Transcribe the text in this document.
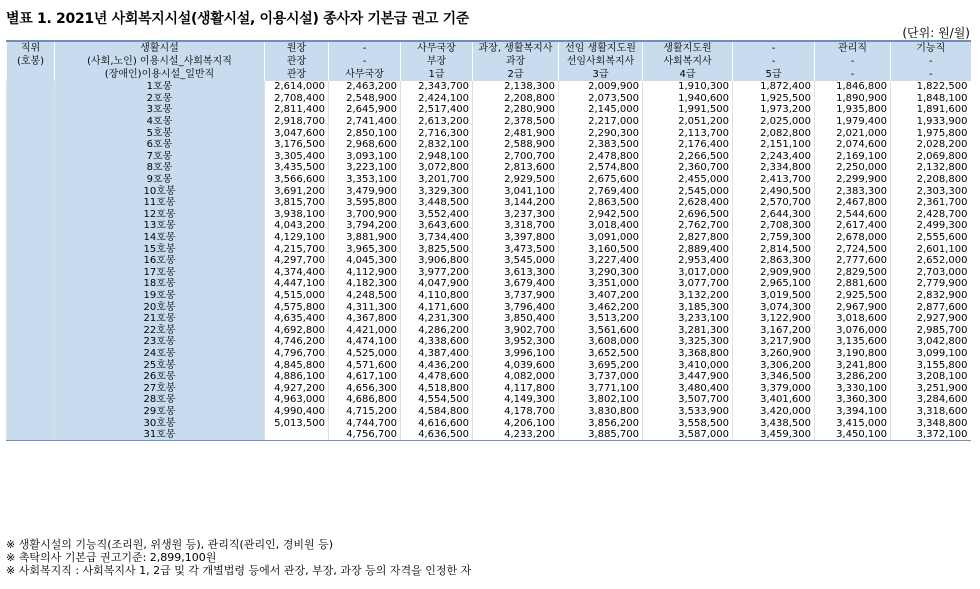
별표 1. 2021년 사회복지시설(생활시설, 이용시설) 종사자 기본급 권고 기준
(단위: 원/월)
직위	생활시설	원장	-	사무국장	과장, 생활복지사	선임 생활지도원	생활지도원	-	관리직	기능직
(호봉)	(사회,노인) 이용시설_사회복지직	관장	-	부장	과장	선임사회복지사	사회복지사	-	-	-
	(장애인)이용시설_일반직	관장	사무국장	1급	2급	3급	4급	5급	-	-
	1호봉	2,614,000	2,463,200	2,343,700	2,138,300	2,009,900	1,910,300	1,872,400	1,846,800	1,822,500
	2호봉	2,708,400	2,548,900	2,424,100	2,208,800	2,073,500	1,940,600	1,925,500	1,890,900	1,848,100
	3호봉	2,811,400	2,645,900	2,517,400	2,280,900	2,145,000	1,991,500	1,973,200	1,935,800	1,891,600
	4호봉	2,918,700	2,741,400	2,613,200	2,378,500	2,217,000	2,051,200	2,025,000	1,979,400	1,933,900
	5호봉	3,047,600	2,850,100	2,716,300	2,481,900	2,290,300	2,113,700	2,082,800	2,021,000	1,975,800
	6호봉	3,176,500	2,968,600	2,832,100	2,588,900	2,383,500	2,176,400	2,151,100	2,074,600	2,028,200
	7호봉	3,305,400	3,093,100	2,948,100	2,700,700	2,478,800	2,266,500	2,243,400	2,169,100	2,069,800
	8호봉	3,435,500	3,223,100	3,072,800	2,813,600	2,574,800	2,360,700	2,334,800	2,250,000	2,132,800
	9호봉	3,566,600	3,353,100	3,201,700	2,929,500	2,675,600	2,455,000	2,413,700	2,299,900	2,208,800
	10호봉	3,691,200	3,479,900	3,329,300	3,041,100	2,769,400	2,545,000	2,490,500	2,383,300	2,303,300
	11호봉	3,815,700	3,595,800	3,448,500	3,144,200	2,863,500	2,628,400	2,570,700	2,467,800	2,361,700
	12호봉	3,938,100	3,700,900	3,552,400	3,237,300	2,942,500	2,696,500	2,644,300	2,544,600	2,428,700
	13호봉	4,043,200	3,794,200	3,643,600	3,318,700	3,018,400	2,762,700	2,708,300	2,617,400	2,499,300
	14호봉	4,129,100	3,881,900	3,734,400	3,397,800	3,091,000	2,827,800	2,759,300	2,678,000	2,555,600
	15호봉	4,215,700	3,965,300	3,825,500	3,473,500	3,160,500	2,889,400	2,814,500	2,724,500	2,601,100
	16호봉	4,297,700	4,045,300	3,906,800	3,545,000	3,227,400	2,953,400	2,863,300	2,777,600	2,652,000
	17호봉	4,374,400	4,112,900	3,977,200	3,613,300	3,290,300	3,017,000	2,909,900	2,829,500	2,703,000
	18호봉	4,447,100	4,182,300	4,047,900	3,679,400	3,351,000	3,077,700	2,965,100	2,881,600	2,779,900
	19호봉	4,515,000	4,248,500	4,110,800	3,737,900	3,407,200	3,132,200	3,019,500	2,925,500	2,832,900
	20호봉	4,575,800	4,311,300	4,171,600	3,796,400	3,462,200	3,185,300	3,074,300	2,967,900	2,877,600
	21호봉	4,635,400	4,367,800	4,231,300	3,850,400	3,513,200	3,233,100	3,122,900	3,018,600	2,927,900
	22호봉	4,692,800	4,421,000	4,286,200	3,902,700	3,561,600	3,281,300	3,167,200	3,076,000	2,985,700
	23호봉	4,746,200	4,474,100	4,338,600	3,952,300	3,608,000	3,325,300	3,217,900	3,135,600	3,042,800
	24호봉	4,796,700	4,525,000	4,387,400	3,996,100	3,652,500	3,368,800	3,260,900	3,190,800	3,099,100
	25호봉	4,845,800	4,571,600	4,436,200	4,039,600	3,695,200	3,410,000	3,306,200	3,241,800	3,155,800
	26호봉	4,886,100	4,617,100	4,478,600	4,082,000	3,737,000	3,447,900	3,346,500	3,286,200	3,208,100
	27호봉	4,927,200	4,656,300	4,518,800	4,117,800	3,771,100	3,480,400	3,379,000	3,330,100	3,251,900
	28호봉	4,963,000	4,686,800	4,554,500	4,149,300	3,802,100	3,507,700	3,401,600	3,360,300	3,284,600
	29호봉	4,990,400	4,715,200	4,584,800	4,178,700	3,830,800	3,533,900	3,420,000	3,394,100	3,318,600
	30호봉	5,013,500	4,744,700	4,616,600	4,206,100	3,856,200	3,558,500	3,438,500	3,415,000	3,348,800
	31호봉		4,756,700	4,636,500	4,233,200	3,885,700	3,587,000	3,459,300	3,450,100	3,372,100
※ 생활시설의 기능직(조리원, 위생원 등), 관리직(관리인, 경비원 등)
※ 촉탁의사 기본급 권고기준: 2,899,100원
※ 사회복지직 : 사회복지사 1, 2급 및 각 개별법령 등에서 관장, 부장, 과장 등의 자격을 인정한 자
